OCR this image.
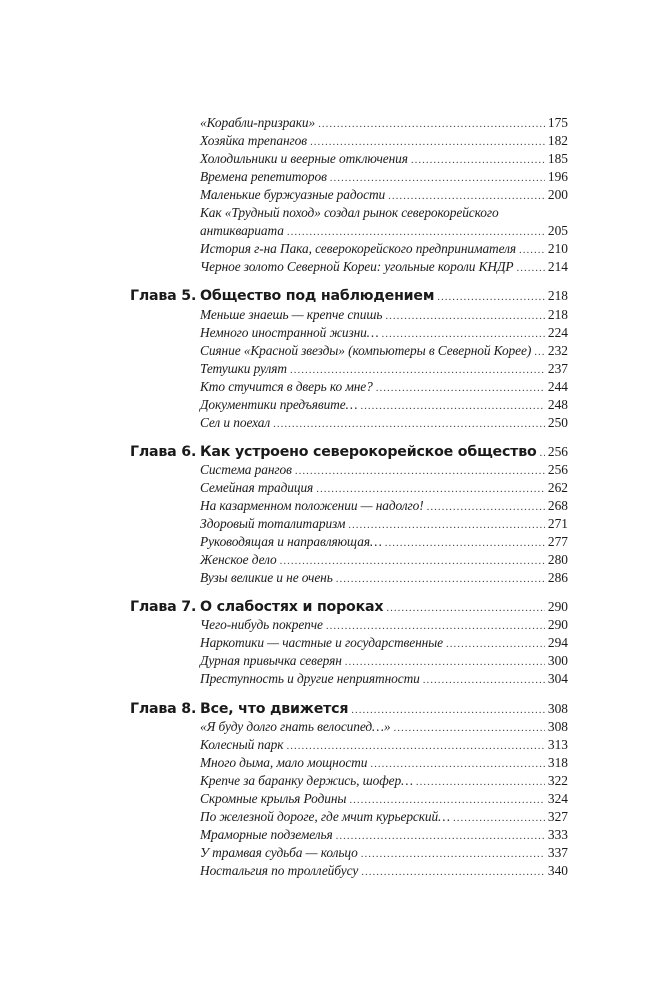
«Корабли-призраки» .....	175
Хозяйка трепангов .....	182
Холодильники и веерные отключения .....	185
Времена репетиторов .....	196
Маленькие буржуазные радости .....	200
Как «Трудный поход» создал рынок северокорейского
антиквариата .....	205
История г-на Пака, северокорейского предпринимателя ..... 210
Черное золото Северной Кореи: угольные короли КНДР .....	214
Глава 5. Общество под наблюдением .....	218
Меньше знаешь — крепче спишь .....	218
Немного иностранной жизни… .....	224
Сияние «Красной звезды» (компьютеры в Северной Корее) ..... 232
Тетушки рулят .....	237
Кто стучится в дверь ко мне? .....	244
Документики предъявите… .....	248
Сел и поехал .....	250
Глава 6. Как устроено северокорейское общество ..... 256
Система рангов .....	256
Семейная традиция .....	262
На казарменном положении — надолго! .....	268
Здоровый тоталитаризм .....	271
Руководящая и направляющая… .....	277
Женское дело .....	280
Вузы великие и не очень .....	286
Глава 7. О слабостях и пороках .....	290
Чего-нибудь покрепче .....	290
Наркотики — частные и государственные .....	294
Дурная привычка северян .....	300
Преступность и другие неприятности .....	304
Глава 8. Все, что движется .....	308
«Я буду долго гнать велосипед…» .....	308
Колесный парк .....	313
Много дыма, мало мощности .....	318
Крепче за баранку держись, шофер… .....	322
Скромные крылья Родины .....	324
По железной дороге, где мчит курьерский… .....	327
Мраморные подземелья .....	333
У трамвая судьба — кольцо .....	337
Ностальгия по троллейбусу .....	340
